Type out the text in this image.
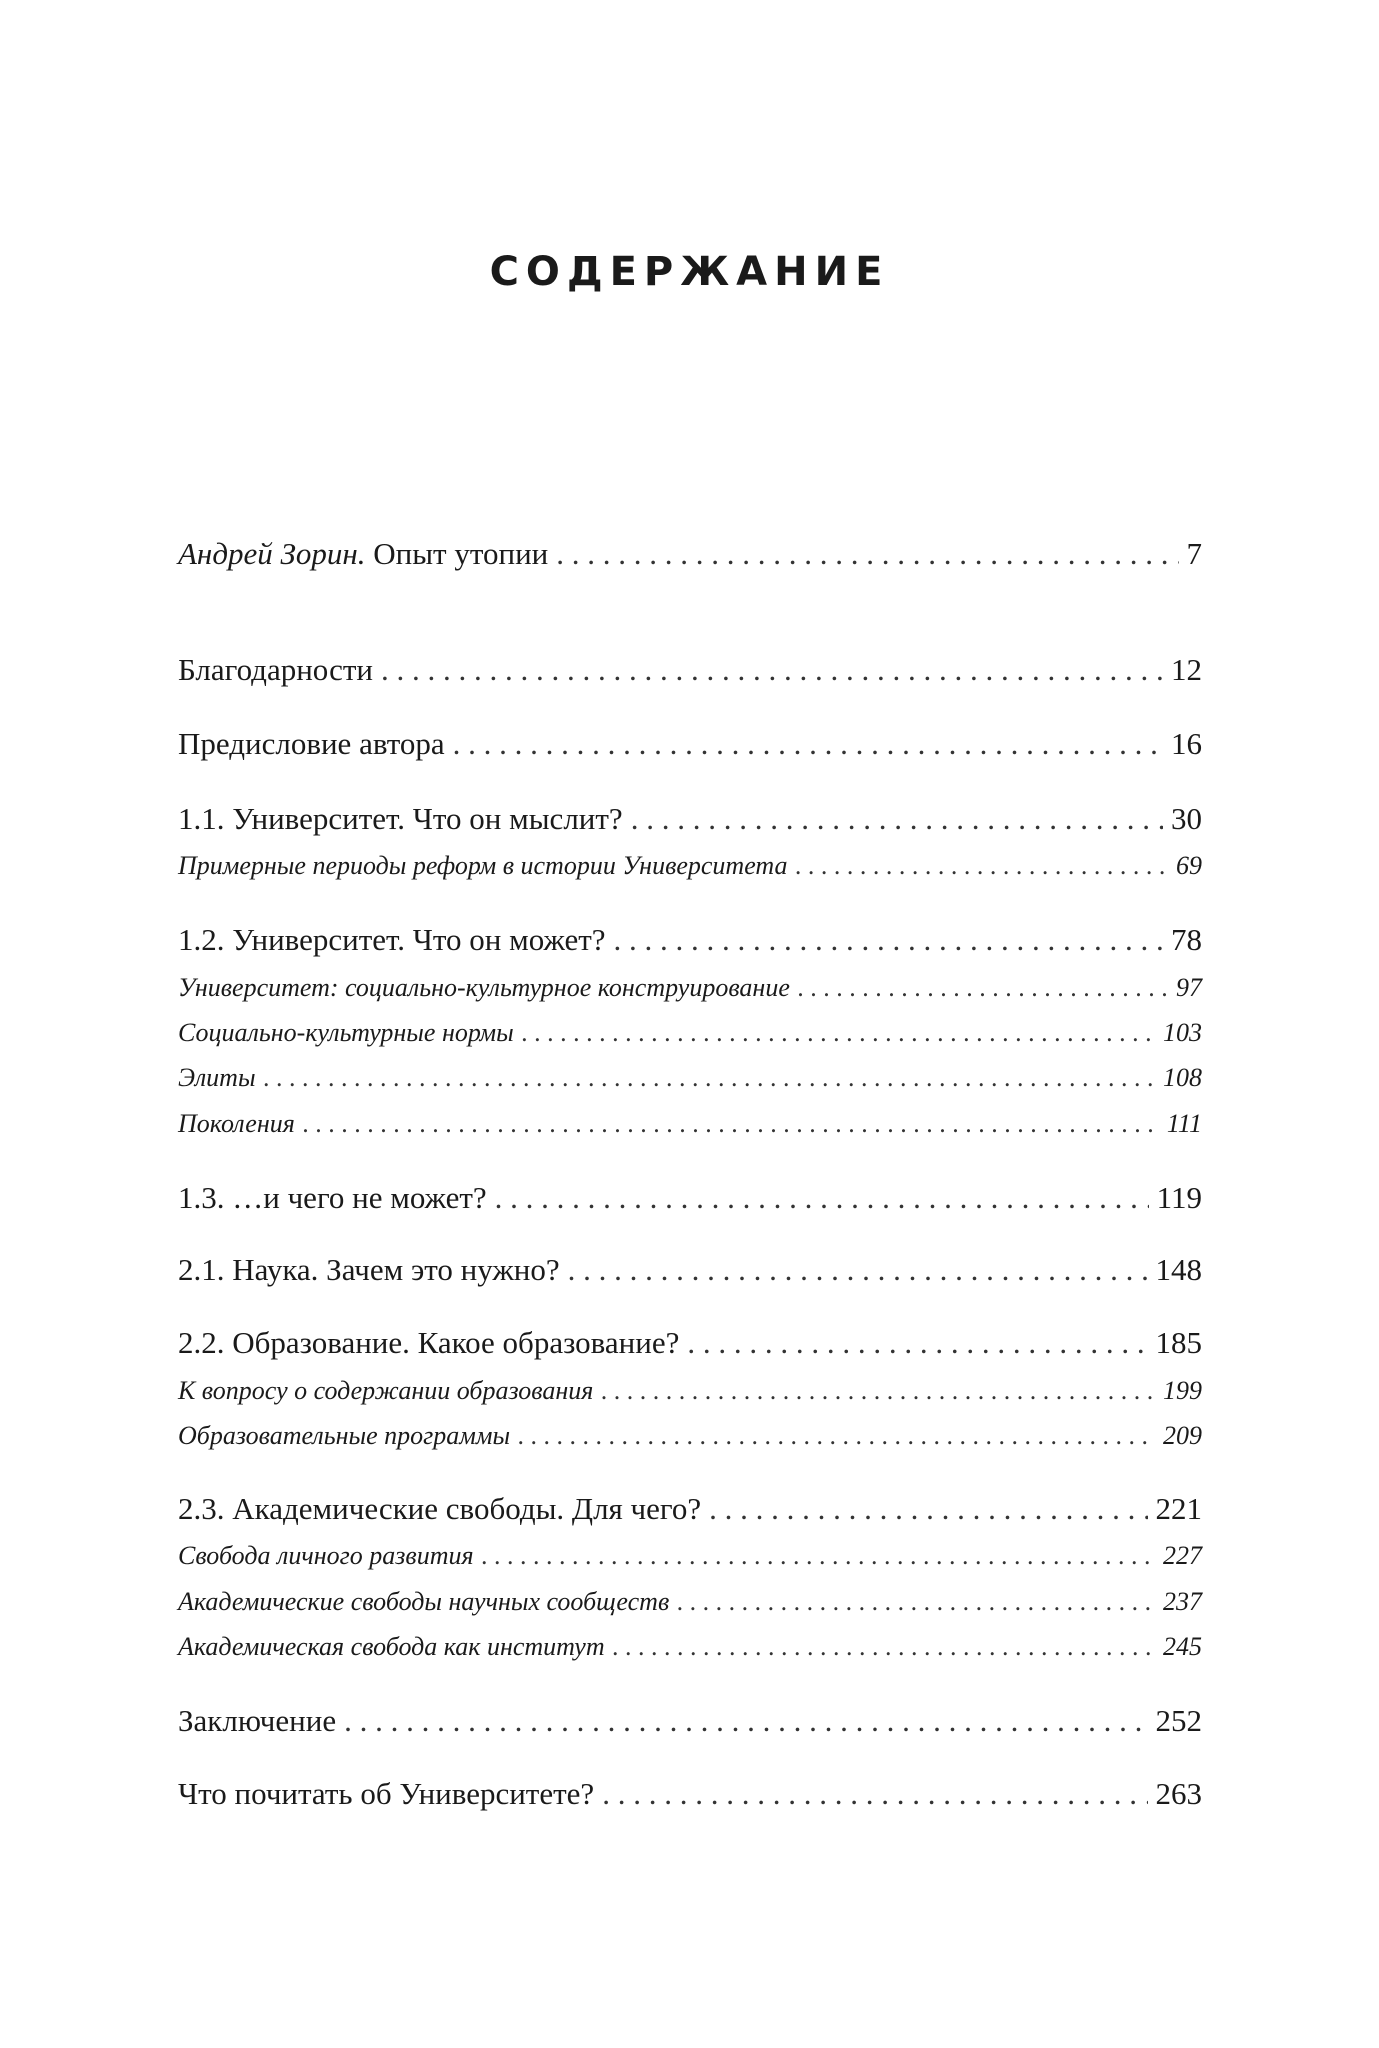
СОДЕРЖАНИЕ
Андрей Зорин. Опыт утопии . . .	7
Благодарности . . .	12
Предисловие автора . . .	16
1.1. Университет. Что он мыслит? . . .	30
Примерные периоды реформ в истории Университета . . .	69
1.2. Университет. Что он может? . . .	78
Университет: социально-культурное конструирование . . .	97
Социально-культурные нормы . . .	103
Элиты . . .	108
Поколения . . .	111
1.3. …и чего не может? . . .	119
2.1. Наука. Зачем это нужно? . . .	148
2.2. Образование. Какое образование? . . .	185
К вопросу о содержании образования . . .	199
Образовательные программы . . .	209
2.3. Академические свободы. Для чего? . . .	221
Свобода личного развития . . .	227
Академические свободы научных сообществ . . .	237
Академическая свобода как институт . . .	245
Заключение . . .	252
Что почитать об Университете? . . .	263
